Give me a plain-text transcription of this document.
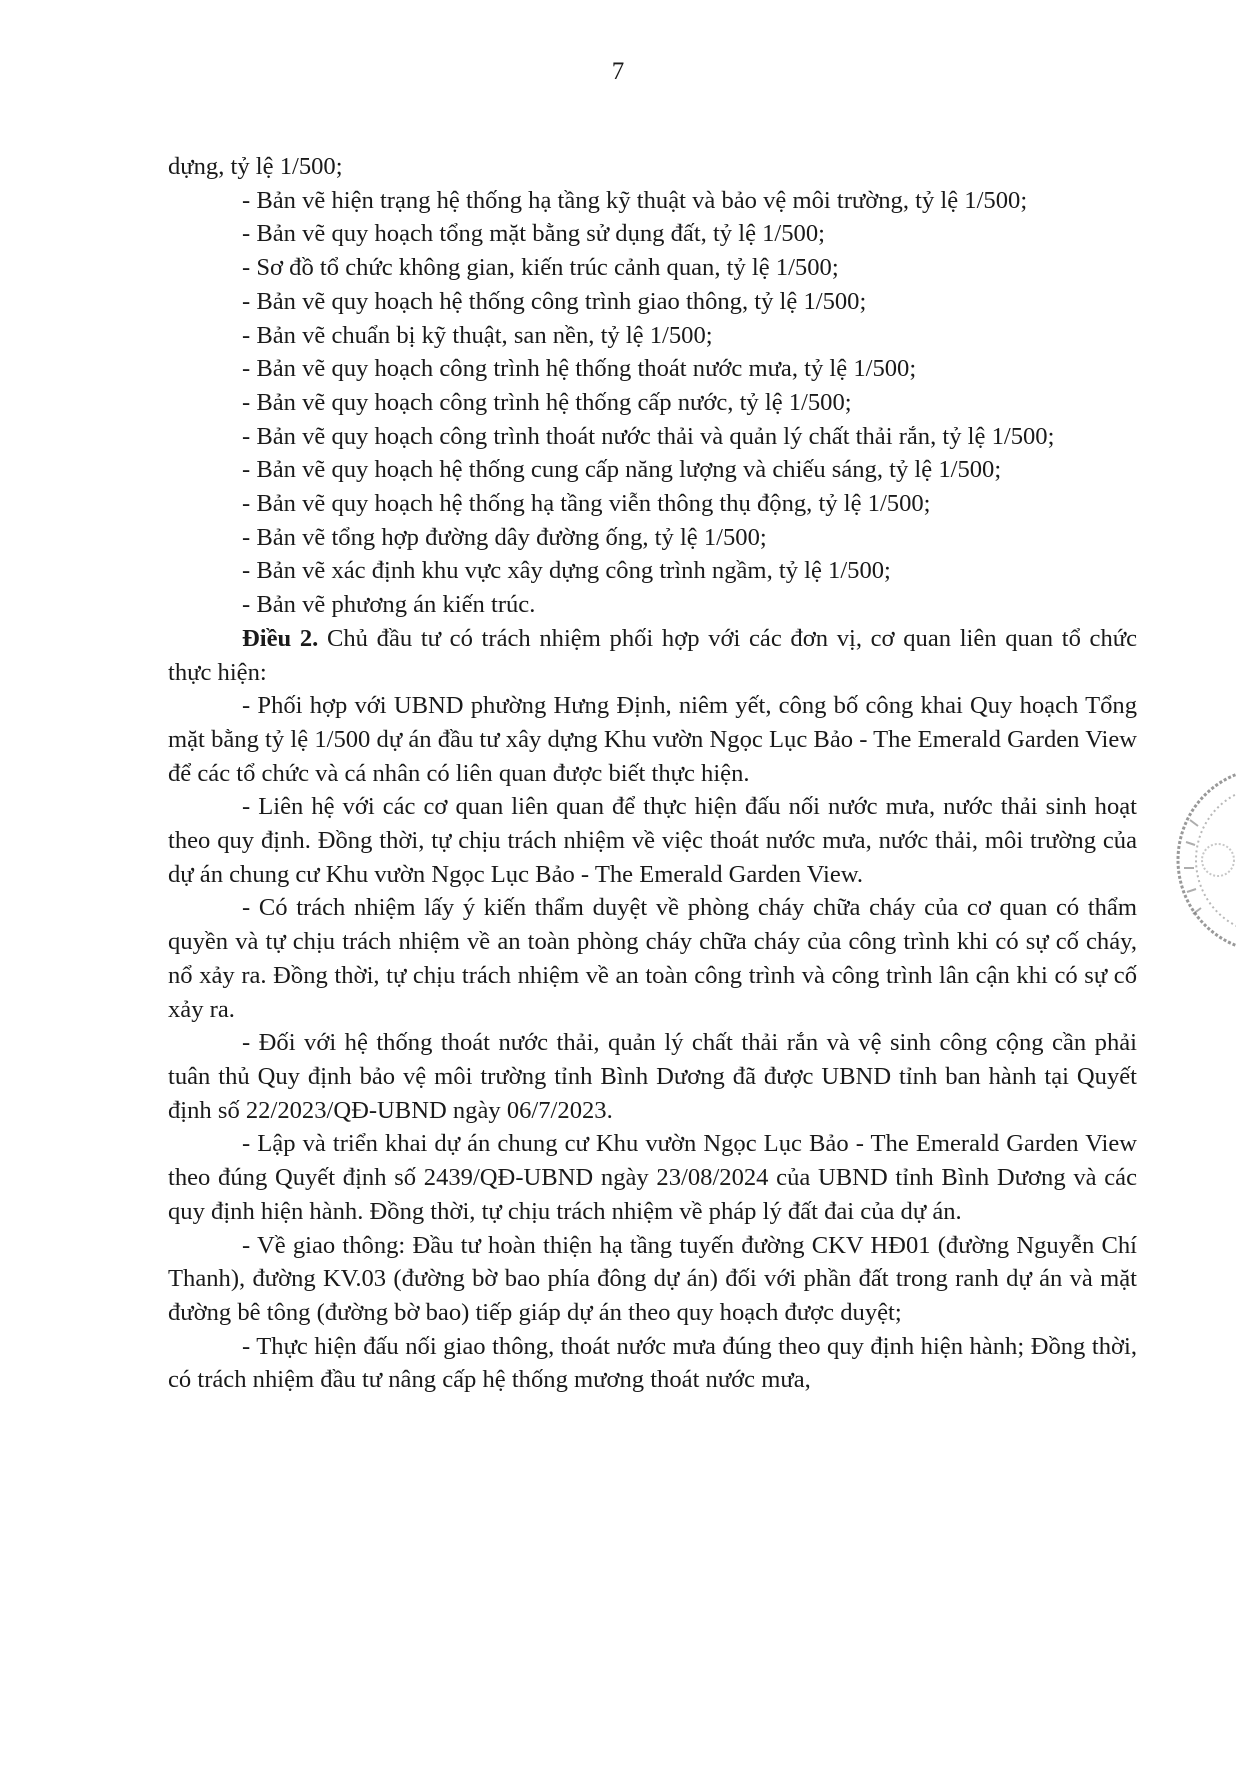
7

dựng, tỷ lệ 1/500;

- Bản vẽ hiện trạng hệ thống hạ tầng kỹ thuật và bảo vệ môi trường, tỷ lệ 1/500;

- Bản vẽ quy hoạch tổng mặt bằng sử dụng đất, tỷ lệ 1/500;

- Sơ đồ tổ chức không gian, kiến trúc cảnh quan, tỷ lệ 1/500;

- Bản vẽ quy hoạch hệ thống công trình giao thông, tỷ lệ 1/500;

- Bản vẽ chuẩn bị kỹ thuật, san nền, tỷ lệ 1/500;

- Bản vẽ quy hoạch công trình hệ thống thoát nước mưa, tỷ lệ 1/500;

- Bản vẽ quy hoạch công trình hệ thống cấp nước, tỷ lệ 1/500;

- Bản vẽ quy hoạch công trình thoát nước thải và quản lý chất thải rắn, tỷ lệ 1/500;

- Bản vẽ quy hoạch hệ thống cung cấp năng lượng và chiếu sáng, tỷ lệ 1/500;

- Bản vẽ quy hoạch hệ thống hạ tầng viễn thông thụ động, tỷ lệ 1/500;

- Bản vẽ tổng hợp đường dây đường ống, tỷ lệ 1/500;

- Bản vẽ xác định khu vực xây dựng công trình ngầm, tỷ lệ 1/500;

- Bản vẽ phương án kiến trúc.

Điều 2. Chủ đầu tư có trách nhiệm phối hợp với các đơn vị, cơ quan liên quan tổ chức thực hiện:

- Phối hợp với UBND phường Hưng Định, niêm yết, công bố công khai Quy hoạch Tổng mặt bằng tỷ lệ 1/500 dự án đầu tư xây dựng Khu vườn Ngọc Lục Bảo - The Emerald Garden View để các tổ chức và cá nhân có liên quan được biết thực hiện.

- Liên hệ với các cơ quan liên quan để thực hiện đấu nối nước mưa, nước thải sinh hoạt theo quy định. Đồng thời, tự chịu trách nhiệm về việc thoát nước mưa, nước thải, môi trường của dự án chung cư Khu vườn Ngọc Lục Bảo - The Emerald Garden View.

- Có trách nhiệm lấy ý kiến thẩm duyệt về phòng cháy chữa cháy của cơ quan có thẩm quyền và tự chịu trách nhiệm về an toàn phòng cháy chữa cháy của công trình khi có sự cố cháy, nổ xảy ra. Đồng thời, tự chịu trách nhiệm về an toàn công trình và công trình lân cận khi có sự cố xảy ra.

- Đối với hệ thống thoát nước thải, quản lý chất thải rắn và vệ sinh công cộng cần phải tuân thủ Quy định bảo vệ môi trường tỉnh Bình Dương đã được UBND tỉnh ban hành tại Quyết định số 22/2023/QĐ-UBND ngày 06/7/2023.

- Lập và triển khai dự án chung cư Khu vườn Ngọc Lục Bảo - The Emerald Garden View theo đúng Quyết định số 2439/QĐ-UBND ngày 23/08/2024 của UBND tỉnh Bình Dương và các quy định hiện hành. Đồng thời, tự chịu trách nhiệm về pháp lý đất đai của dự án.

- Về giao thông: Đầu tư hoàn thiện hạ tầng tuyến đường CKV HĐ01 (đường Nguyễn Chí Thanh), đường KV.03 (đường bờ bao phía đông dự án) đối với phần đất trong ranh dự án và mặt đường bê tông (đường bờ bao) tiếp giáp dự án theo quy hoạch được duyệt;

- Thực hiện đấu nối giao thông, thoát nước mưa đúng theo quy định hiện hành; Đồng thời, có trách nhiệm đầu tư nâng cấp hệ thống mương thoát nước mưa,
